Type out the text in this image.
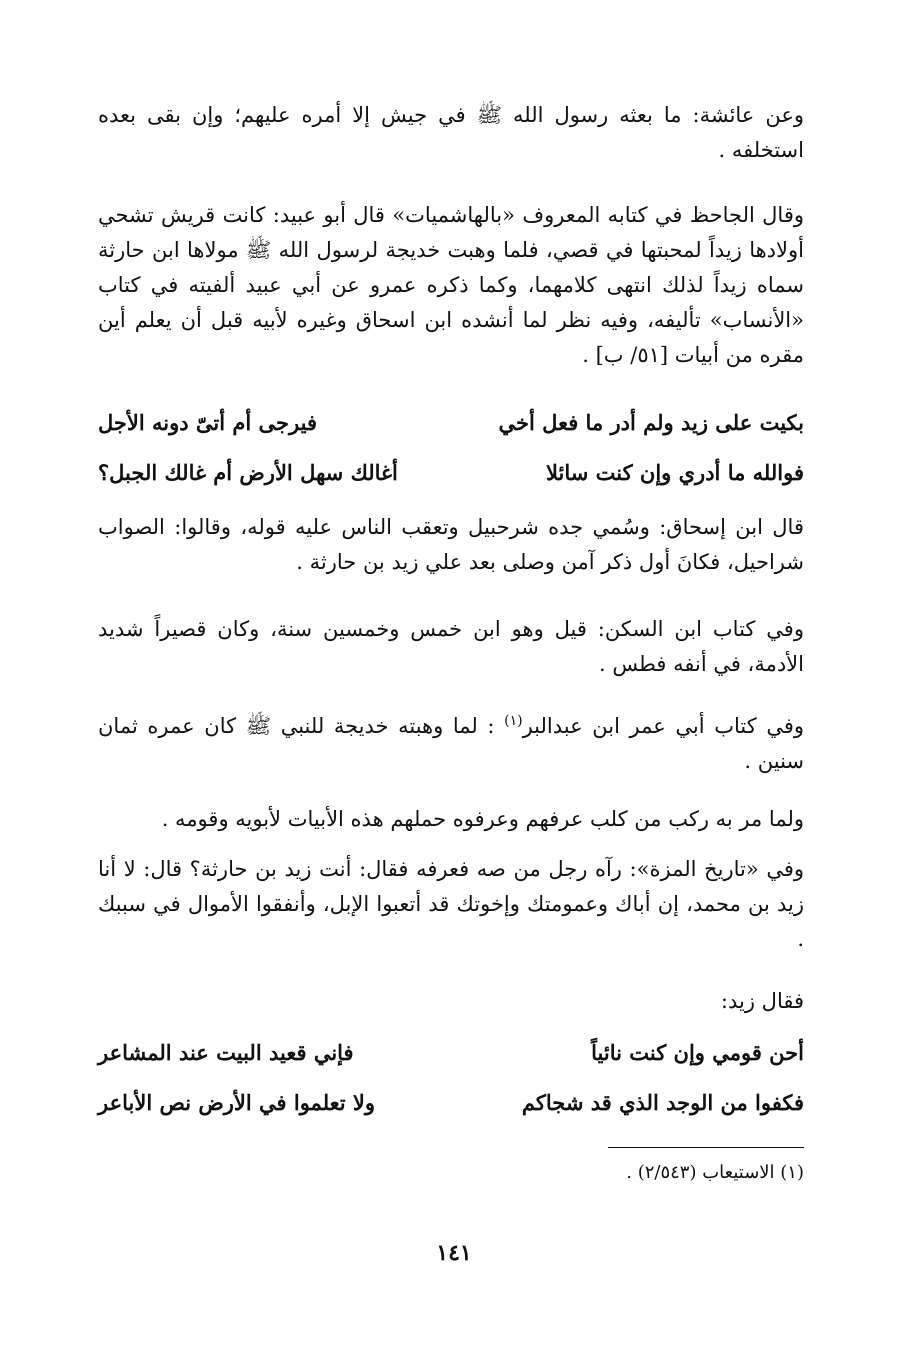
وعن عائشة: ما بعثه رسول الله ﷺ في جيش إلا أمره عليهم؛ وإن بقى بعده استخلفه .

وقال الجاحظ في كتابه المعروف «بالهاشميات» قال أبو عبيد: كانت قريش تشحي أولادها زيداً لمحبتها في قصي، فلما وهبت خديجة لرسول الله ﷺ مولاها ابن حارثة سماه زيداً لذلك انتهى كلامهما، وكما ذكره عمرو عن أبي عبيد ألفيته في كتاب «الأنساب» تأليفه، وفيه نظر لما أنشده ابن اسحاق وغيره لأبيه قبل أن يعلم أين مقره من أبيات [٥١/ ب] .

بكيت على زيد ولم أدر ما فعل أخي
فيرجى أم أتىّ دونه الأجل
فوالله ما أدري وإن كنت سائلا
أغالك سهل الأرض أم غالك الجبل؟

قال ابن إسحاق: وسُمي جده شرحبيل وتعقب الناس عليه قوله، وقالوا: الصواب شراحيل، فكانَ أول ذكر آمن وصلى بعد علي زيد بن حارثة .

وفي كتاب ابن السكن: قيل وهو ابن خمس وخمسين سنة، وكان قصيراً شديد الأدمة، في أنفه فطس .

وفي كتاب أبي عمر ابن عبدالبر$^{(١)}$ : لما وهبته خديجة للنبي ﷺ كان عمره ثمان سنين .

ولما مر به ركب من كلب عرفهم وعرفوه حملهم هذه الأبيات لأبويه وقومه .

وفي «تاريخ المزة»: رآه رجل من صه فعرفه فقال: أنت زيد بن حارثة؟ قال: لا أنا زيد بن محمد، إن أباك وعمومتك وإخوتك قد أتعبوا الإبل، وأنفقوا الأموال في سببك .

فقال زيد:

أحن قومي وإن كنت نائياً
فإني قعيد البيت عند المشاعر
فكفوا من الوجد الذي قد شجاكم
ولا تعلموا في الأرض نص الأباعر
(١) الاستيعاب (٢/٥٤٣) .
١٤١
